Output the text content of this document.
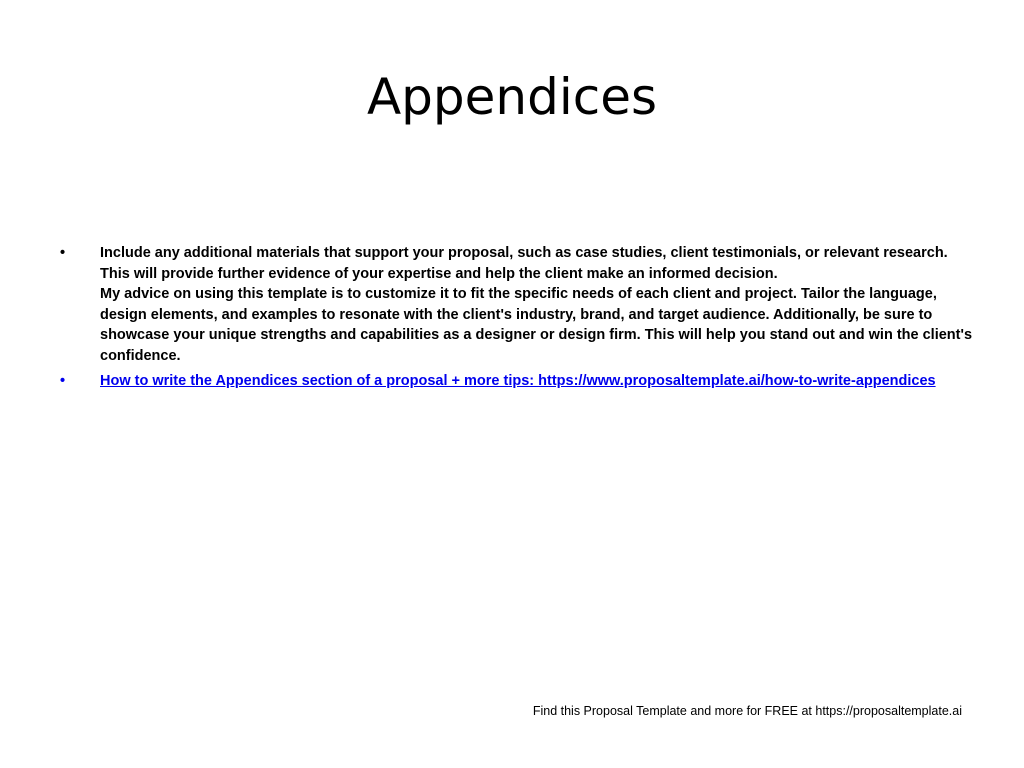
Appendices
•	Include any additional materials that support your proposal, such as case studies, client testimonials, or relevant research. This will provide further evidence of your expertise and help the client make an informed decision.

My advice on using this template is to customize it to fit the specific needs of each client and project. Tailor the language, design elements, and examples to resonate with the client's industry, brand, and target audience. Additionally, be sure to showcase your unique strengths and capabilities as a designer or design firm. This will help you stand out and win the client's confidence.

•	How to write the Appendices section of a proposal + more tips: https://www.proposaltemplate.ai/how-to-write-appendices
Find this Proposal Template and more for FREE at https://proposaltemplate.ai
